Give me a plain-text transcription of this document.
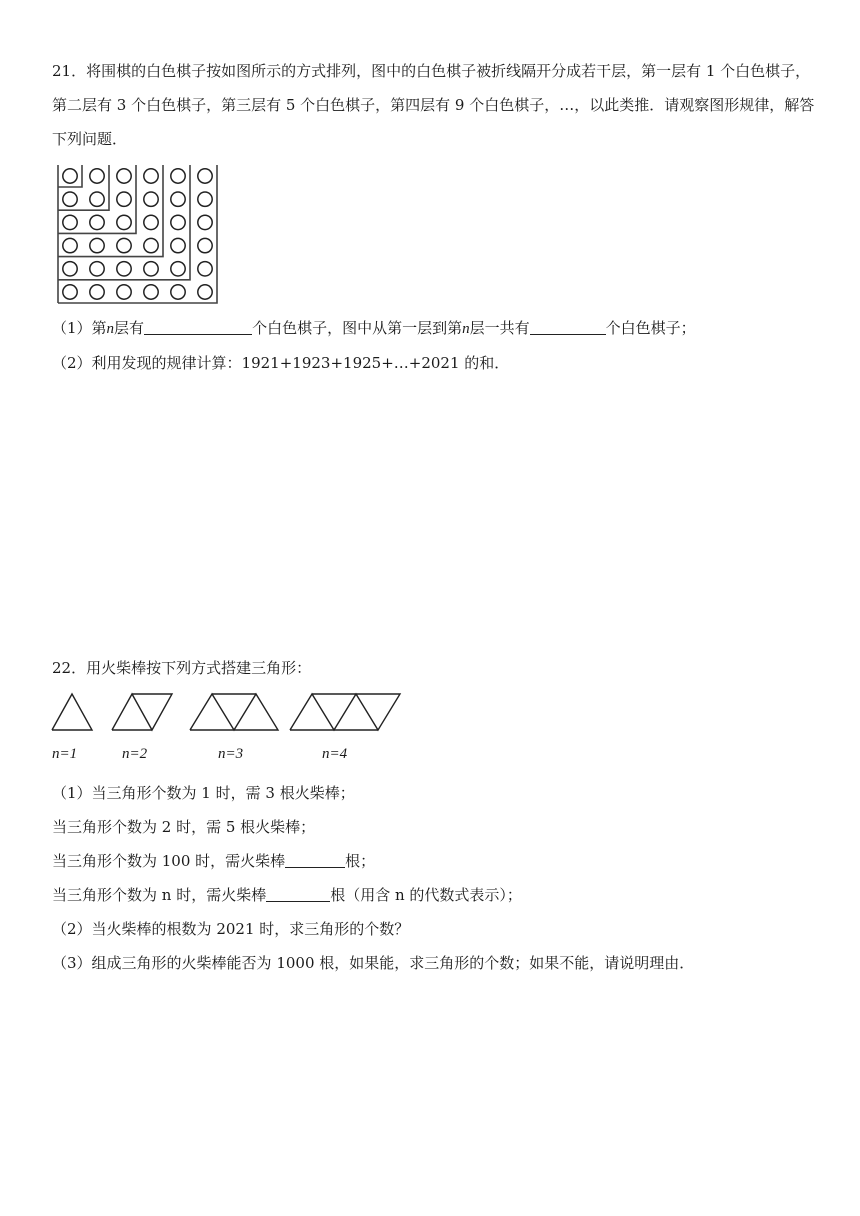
21．将围棋的白色棋子按如图所示的方式排列，图中的白色棋子被折线隔开分成若干层，第一层有 1 个白色棋子，
第二层有 3 个白色棋子，第三层有 5 个白色棋子，第四层有 9 个白色棋子，…，以此类推．请观察图形规律，解答
下列问题．
（1）第n层有	个白色棋子，图中从第一层到第n层一共有	个白色棋子；
（2）利用发现的规律计算：1921+1923+1925+…+2021 的和．
22．用火柴棒按下列方式搭建三角形：
n=1	n=2	n=3	n=4
（1）当三角形个数为 1 时，需 3 根火柴棒；
当三角形个数为 2 时，需 5 根火柴棒；
当三角形个数为 100 时，需火柴棒	根；
当三角形个数为 n 时，需火柴棒	根（用含 n 的代数式表示）；
（2）当火柴棒的根数为 2021 时，求三角形的个数？
（3）组成三角形的火柴棒能否为 1000 根，如果能，求三角形的个数；如果不能，请说明理由．
